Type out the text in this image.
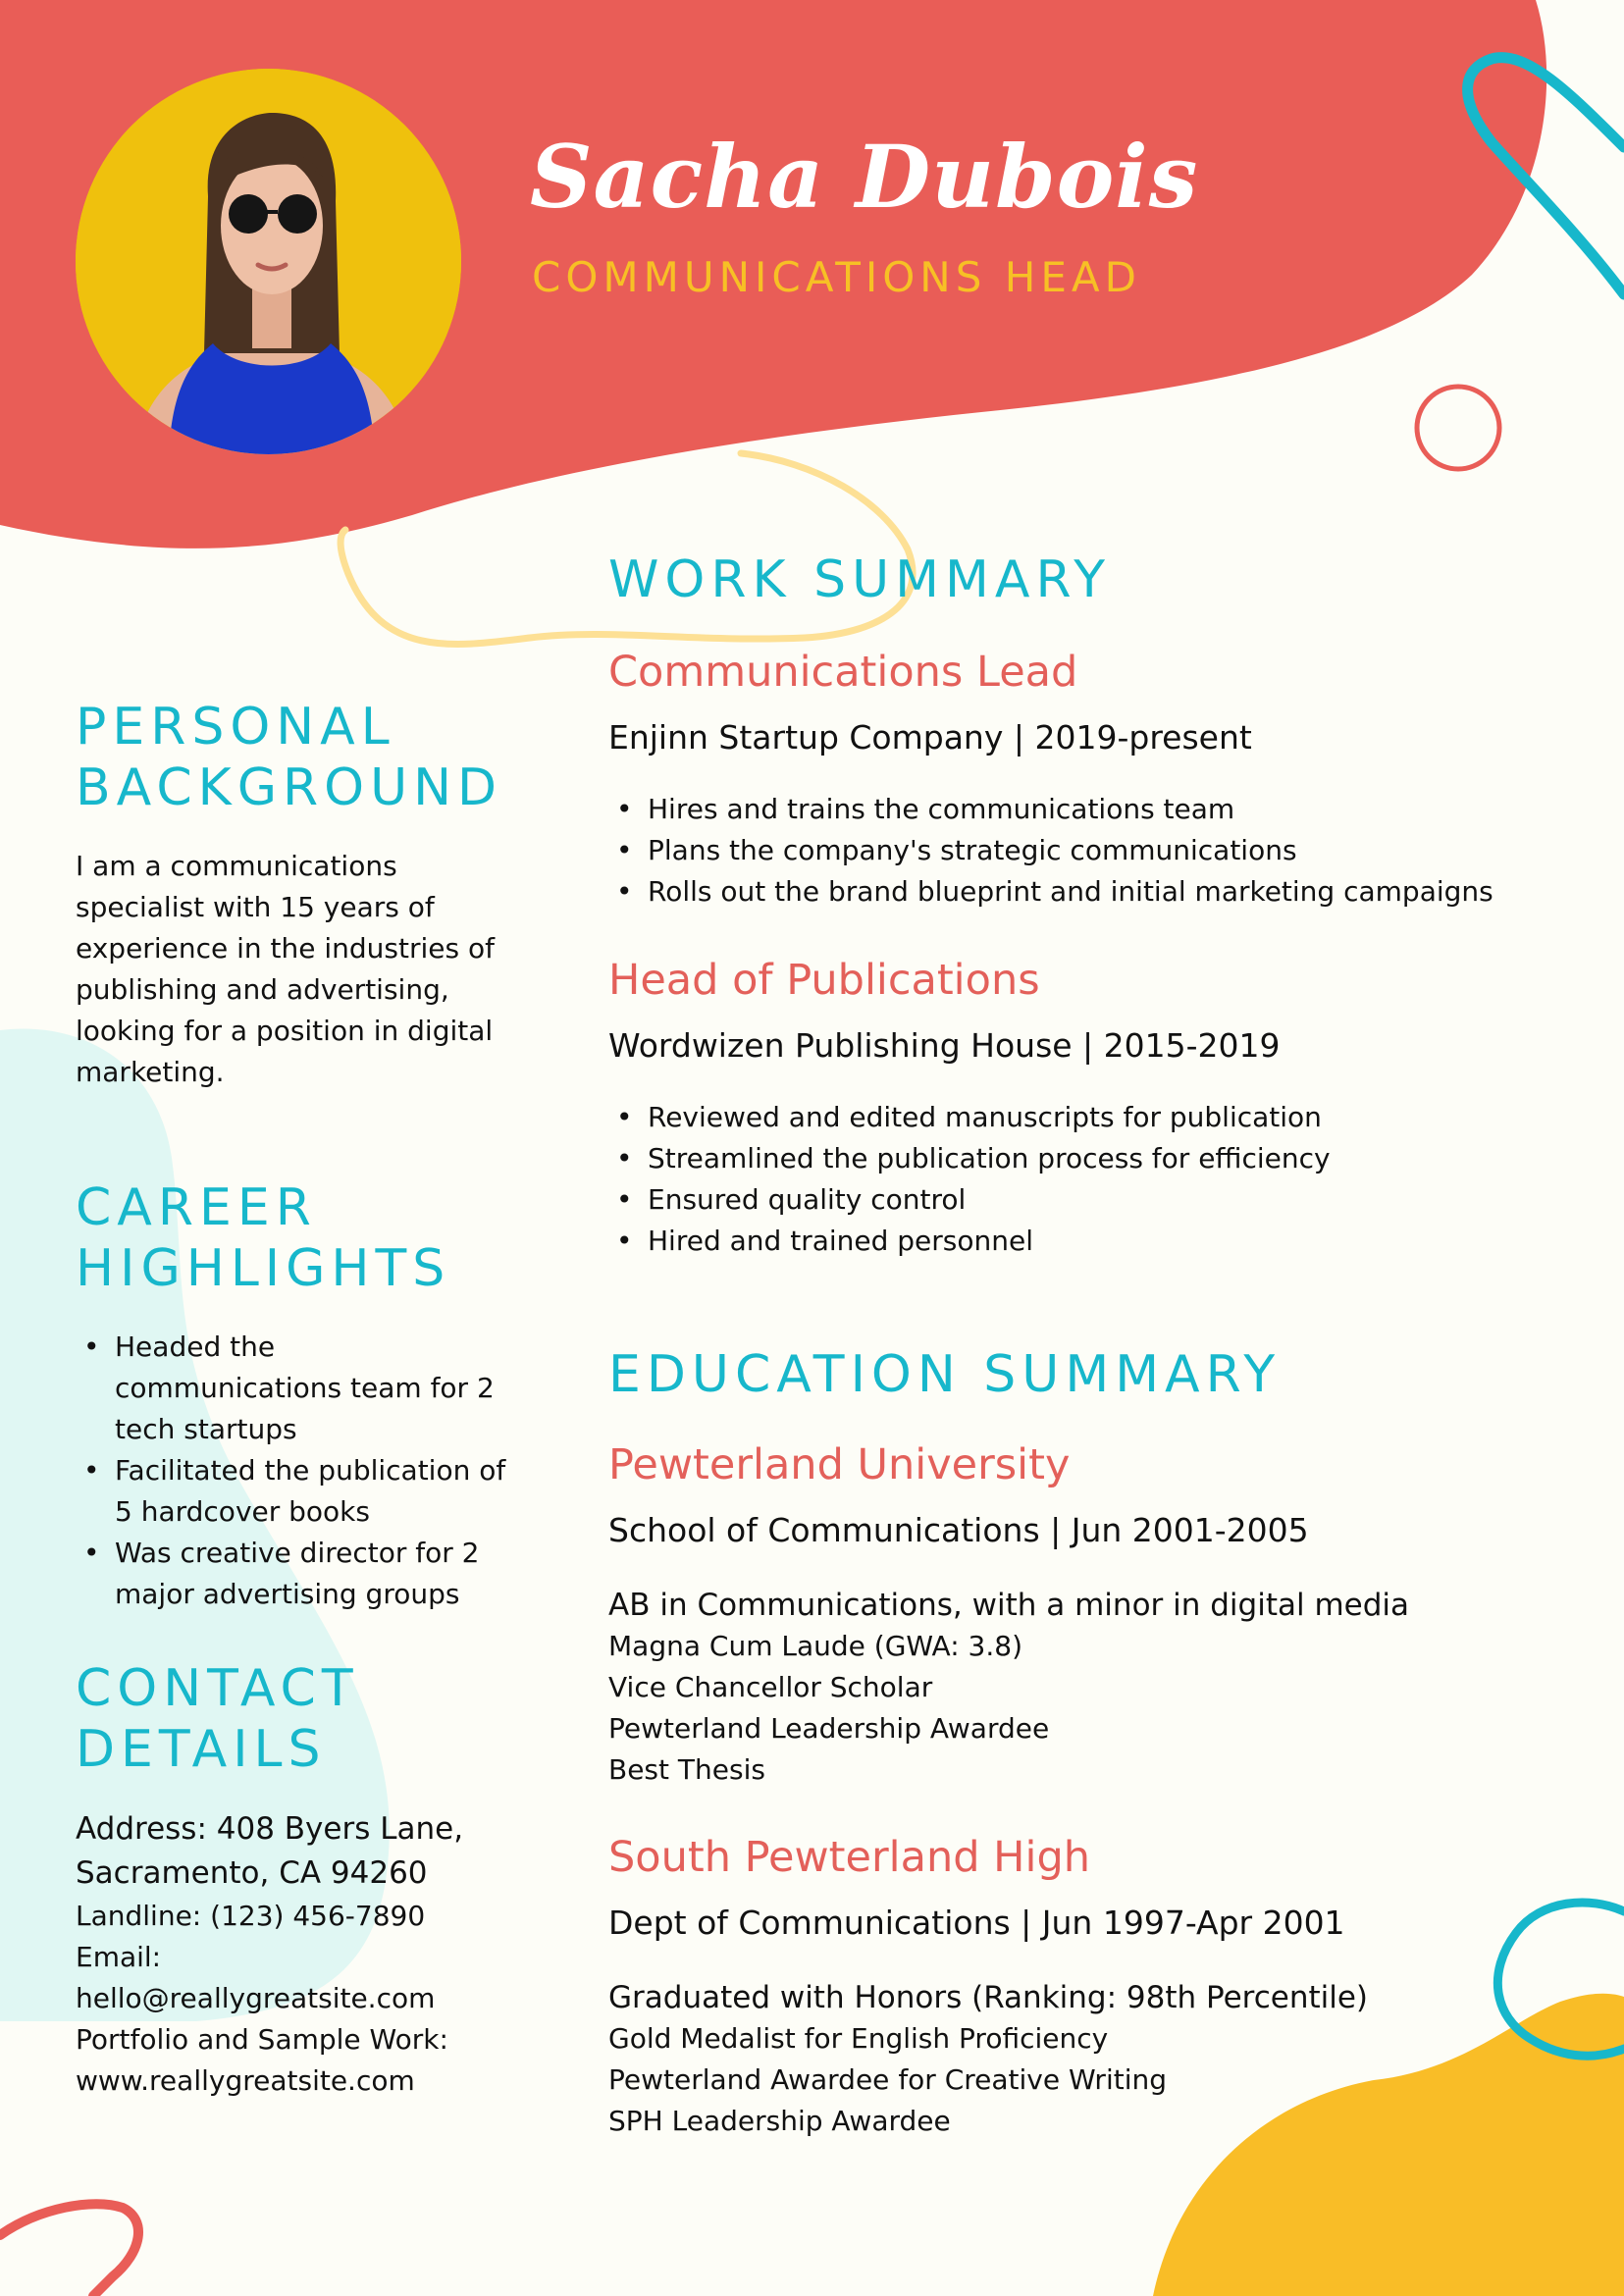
Sacha Dubois
COMMUNICATIONS HEAD
PERSONAL BACKGROUND
I am a communications specialist with 15 years of experience in the industries of publishing and advertising, looking for a position in digital marketing.
CAREER HIGHLIGHTS
• Headed the communications team for 2 tech startups
• Facilitated the publication of 5 hardcover books
• Was creative director for 2 major advertising groups
CONTACT DETAILS
Address: 408 Byers Lane, Sacramento, CA 94260
Landline: (123) 456-7890
Email:
hello@reallygreatsite.com
Portfolio and Sample Work:
www.reallygreatsite.com
WORK SUMMARY
Communications Lead
Enjinn Startup Company | 2019-present
• Hires and trains the communications team
• Plans the company's strategic communications
• Rolls out the brand blueprint and initial marketing campaigns
Head of Publications
Wordwizen Publishing House | 2015-2019
• Reviewed and edited manuscripts for publication
• Streamlined the publication process for efficiency
• Ensured quality control
• Hired and trained personnel
EDUCATION SUMMARY
Pewterland University
School of Communications | Jun 2001-2005
AB in Communications, with a minor in digital media
Magna Cum Laude (GWA: 3.8)
Vice Chancellor Scholar
Pewterland Leadership Awardee
Best Thesis
South Pewterland High
Dept of Communications | Jun 1997-Apr 2001
Graduated with Honors (Ranking: 98th Percentile)
Gold Medalist for English Proficiency
Pewterland Awardee for Creative Writing
SPH Leadership Awardee
